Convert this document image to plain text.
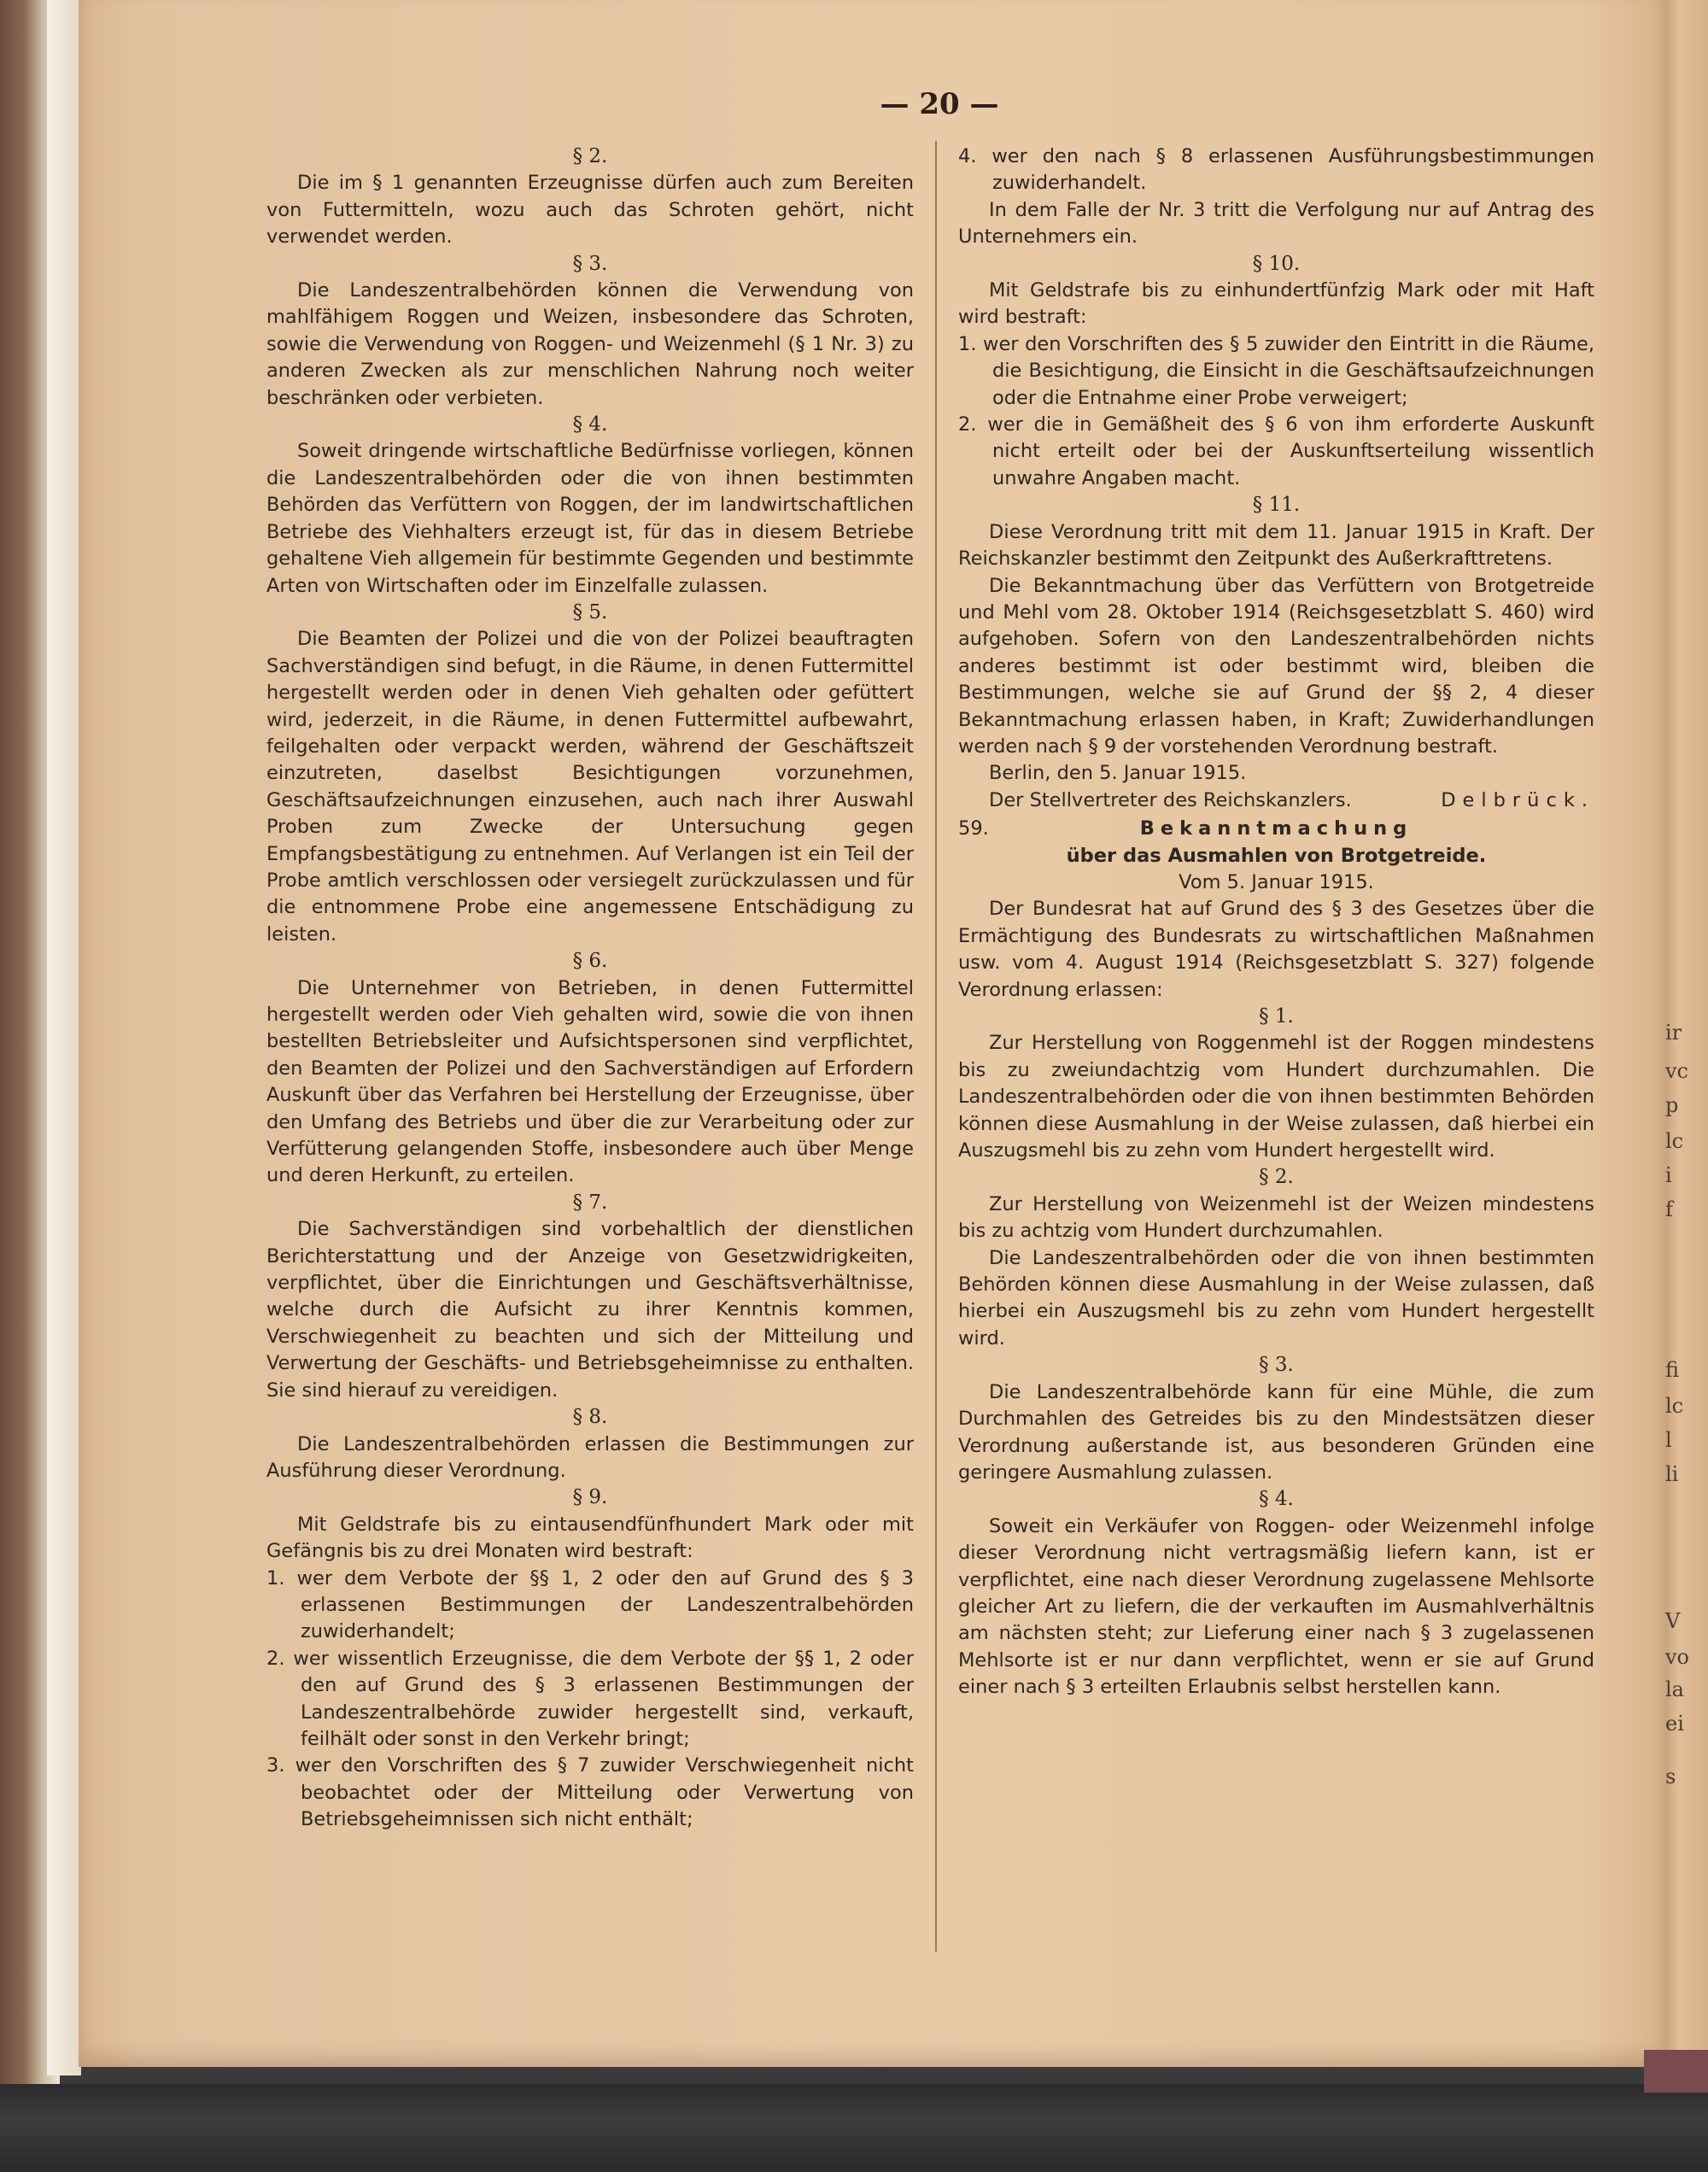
— 20 —

§ 2.

Die im § 1 genannten Erzeugnisse dürfen auch zum Bereiten von Futtermitteln, wozu auch das Schroten gehört, nicht verwendet werden.

§ 3.

Die Landeszentralbehörden können die Verwendung von mahlfähigem Roggen und Weizen, insbesondere das Schroten, sowie die Verwendung von Roggen- und Weizenmehl (§ 1 Nr. 3) zu anderen Zwecken als zur menschlichen Nahrung noch weiter beschränken oder verbieten.

§ 4.

Soweit dringende wirtschaftliche Bedürfnisse vorliegen, können die Landeszentralbehörden oder die von ihnen bestimmten Behörden das Verfüttern von Roggen, der im landwirtschaftlichen Betriebe des Viehhalters erzeugt ist, für das in diesem Betriebe gehaltene Vieh allgemein für bestimmte Gegenden und bestimmte Arten von Wirtschaften oder im Einzelfalle zulassen.

§ 5.

Die Beamten der Polizei und die von der Polizei beauftragten Sachverständigen sind befugt, in die Räume, in denen Futtermittel hergestellt werden oder in denen Vieh gehalten oder gefüttert wird, jederzeit, in die Räume, in denen Futtermittel aufbewahrt, feilgehalten oder verpackt werden, während der Geschäftszeit einzutreten, daselbst Besichtigungen vorzunehmen, Geschäftsaufzeichnungen einzusehen, auch nach ihrer Auswahl Proben zum Zwecke der Untersuchung gegen Empfangsbestätigung zu entnehmen. Auf Verlangen ist ein Teil der Probe amtlich verschlossen oder versiegelt zurückzulassen und für die entnommene Probe eine angemessene Entschädigung zu leisten.

§ 6.

Die Unternehmer von Betrieben, in denen Futtermittel hergestellt werden oder Vieh gehalten wird, sowie die von ihnen bestellten Betriebsleiter und Aufsichtspersonen sind verpflichtet, den Beamten der Polizei und den Sachverständigen auf Erfordern Auskunft über das Verfahren bei Herstellung der Erzeugnisse, über den Umfang des Betriebs und über die zur Verarbeitung oder zur Verfütterung gelangenden Stoffe, insbesondere auch über Menge und deren Herkunft, zu erteilen.

§ 7.

Die Sachverständigen sind vorbehaltlich der dienstlichen Berichterstattung und der Anzeige von Gesetzwidrigkeiten, verpflichtet, über die Einrichtungen und Geschäftsverhältnisse, welche durch die Aufsicht zu ihrer Kenntnis kommen, Verschwiegenheit zu beachten und sich der Mitteilung und Verwertung der Geschäfts- und Betriebsgeheimnisse zu enthalten. Sie sind hierauf zu vereidigen.

§ 8.

Die Landeszentralbehörden erlassen die Bestimmungen zur Ausführung dieser Verordnung.

§ 9.

Mit Geldstrafe bis zu eintausendfünfhundert Mark oder mit Gefängnis bis zu drei Monaten wird bestraft:

1. wer dem Verbote der §§ 1, 2 oder den auf Grund des § 3 erlassenen Bestimmungen der Landeszentralbehörden zuwiderhandelt;

2. wer wissentlich Erzeugnisse, die dem Verbote der §§ 1, 2 oder den auf Grund des § 3 erlassenen Bestimmungen der Landeszentralbehörde zuwider hergestellt sind, verkauft, feilhält oder sonst in den Verkehr bringt;

3. wer den Vorschriften des § 7 zuwider Verschwiegenheit nicht beobachtet oder der Mitteilung oder Verwertung von Betriebsgeheimnissen sich nicht enthält;

4. wer den nach § 8 erlassenen Ausführungsbestimmungen zuwiderhandelt.

In dem Falle der Nr. 3 tritt die Verfolgung nur auf Antrag des Unternehmers ein.

§ 10.

Mit Geldstrafe bis zu einhundertfünfzig Mark oder mit Haft wird bestraft:

1. wer den Vorschriften des § 5 zuwider den Eintritt in die Räume, die Besichtigung, die Einsicht in die Geschäftsaufzeichnungen oder die Entnahme einer Probe verweigert;

2. wer die in Gemäßheit des § 6 von ihm erforderte Auskunft nicht erteilt oder bei der Auskunftserteilung wissentlich unwahre Angaben macht.

§ 11.

Diese Verordnung tritt mit dem 11. Januar 1915 in Kraft. Der Reichskanzler bestimmt den Zeitpunkt des Außerkrafttretens.

Die Bekanntmachung über das Verfüttern von Brotgetreide und Mehl vom 28. Oktober 1914 (Reichsgesetzblatt S. 460) wird aufgehoben. Sofern von den Landeszentralbehörden nichts anderes bestimmt ist oder bestimmt wird, bleiben die Bestimmungen, welche sie auf Grund der §§ 2, 4 dieser Bekanntmachung erlassen haben, in Kraft; Zuwiderhandlungen werden nach § 9 der vorstehenden Verordnung bestraft.

Berlin, den 5. Januar 1915.

Der Stellvertreter des Reichskanzlers.	Delbrück.
59.	Bekanntmachung

über das Ausmahlen von Brotgetreide.

Vom 5. Januar 1915.

Der Bundesrat hat auf Grund des § 3 des Gesetzes über die Ermächtigung des Bundesrats zu wirtschaftlichen Maßnahmen usw. vom 4. August 1914 (Reichsgesetzblatt S. 327) folgende Verordnung erlassen:

§ 1.

Zur Herstellung von Roggenmehl ist der Roggen mindestens bis zu zweiundachtzig vom Hundert durchzumahlen. Die Landeszentralbehörden oder die von ihnen bestimmten Behörden können diese Ausmahlung in der Weise zulassen, daß hierbei ein Auszugsmehl bis zu zehn vom Hundert hergestellt wird.

§ 2.

Zur Herstellung von Weizenmehl ist der Weizen mindestens bis zu achtzig vom Hundert durchzumahlen.

Die Landeszentralbehörden oder die von ihnen bestimmten Behörden können diese Ausmahlung in der Weise zulassen, daß hierbei ein Auszugsmehl bis zu zehn vom Hundert hergestellt wird.

§ 3.

Die Landeszentralbehörde kann für eine Mühle, die zum Durchmahlen des Getreides bis zu den Mindestsätzen dieser Verordnung außerstande ist, aus besonderen Gründen eine geringere Ausmahlung zulassen.

§ 4.

Soweit ein Verkäufer von Roggen- oder Weizenmehl infolge dieser Verordnung nicht vertragsmäßig liefern kann, ist er verpflichtet, eine nach dieser Verordnung zugelassene Mehlsorte gleicher Art zu liefern, die der verkauften im Ausmahlverhältnis am nächsten steht; zur Lieferung einer nach § 3 zugelassenen Mehlsorte ist er nur dann verpflichtet, wenn er sie auf Grund einer nach § 3 erteilten Erlaubnis selbst herstellen kann.

ir
vc
p
lc
i
f
fi
lc
l
li
V
vo
la
ei
s
